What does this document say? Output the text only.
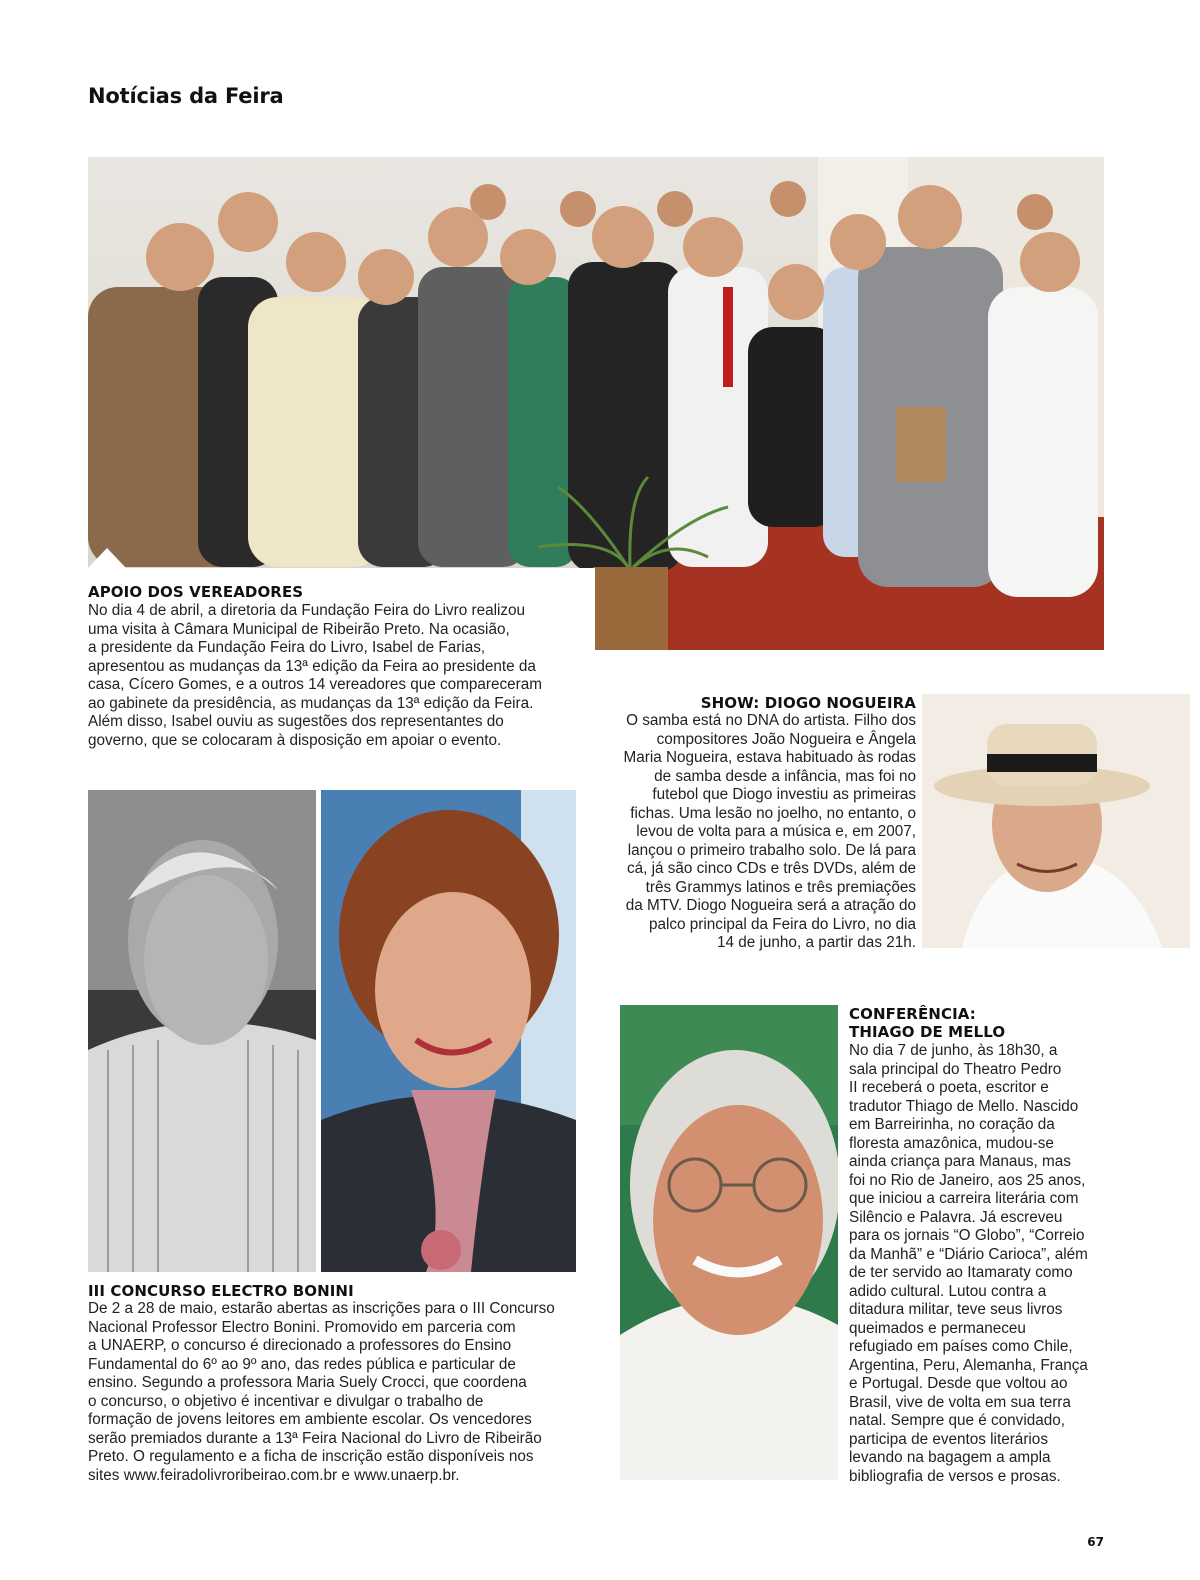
Notícias da Feira
APOIO DOS VEREADORES
No dia 4 de abril, a diretoria da Fundação Feira do Livro realizou
uma visita à Câmara Municipal de Ribeirão Preto. Na ocasião,
a presidente da Fundação Feira do Livro, Isabel de Farias,
apresentou as mudanças da 13ª edição da Feira ao presidente da
casa, Cícero Gomes, e a outros 14 vereadores que compareceram
ao gabinete da presidência, as mudanças da 13ª edição da Feira.
Além disso, Isabel ouviu as sugestões dos representantes do
governo, que se colocaram à disposição em apoiar o evento.
SHOW: DIOGO NOGUEIRA
O samba está no DNA do artista. Filho dos
compositores João Nogueira e Ângela
Maria Nogueira, estava habituado às rodas
de samba desde a infância, mas foi no
futebol que Diogo investiu as primeiras
fichas. Uma lesão no joelho, no entanto, o
levou de volta para a música e, em 2007,
lançou o primeiro trabalho solo. De lá para
cá, já são cinco CDs e três DVDs, além de
três Grammys latinos e três premiações
da MTV. Diogo Nogueira será a atração do
palco principal da Feira do Livro, no dia
14 de junho, a partir das 21h.
III CONCURSO ELECTRO BONINI
De 2 a 28 de maio, estarão abertas as inscrições para o III Concurso
Nacional Professor Electro Bonini. Promovido em parceria com
a UNAERP, o concurso é direcionado a professores do Ensino
Fundamental do 6º ao 9º ano, das redes pública e particular de
ensino. Segundo a professora Maria Suely Crocci, que coordena
o concurso, o objetivo é incentivar e divulgar o trabalho de
formação de jovens leitores em ambiente escolar. Os vencedores
serão premiados durante a 13ª Feira Nacional do Livro de Ribeirão
Preto. O regulamento e a ficha de inscrição estão disponíveis nos
sites www.feiradolivroribeirao.com.br e www.unaerp.br.
CONFERÊNCIA:
THIAGO DE MELLO
No dia 7 de junho, às 18h30, a
sala principal do Theatro Pedro
II receberá o poeta, escritor e
tradutor Thiago de Mello. Nascido
em Barreirinha, no coração da
floresta amazônica, mudou-se
ainda criança para Manaus, mas
foi no Rio de Janeiro, aos 25 anos,
que iniciou a carreira literária com
Silêncio e Palavra. Já escreveu
para os jornais “O Globo”, “Correio
da Manhã” e “Diário Carioca”, além
de ter servido ao Itamaraty como
adido cultural. Lutou contra a
ditadura militar, teve seus livros
queimados e permaneceu
refugiado em países como Chile,
Argentina, Peru, Alemanha, França
e Portugal. Desde que voltou ao
Brasil, vive de volta em sua terra
natal. Sempre que é convidado,
participa de eventos literários
levando na bagagem a ampla
bibliografia de versos e prosas.
67
